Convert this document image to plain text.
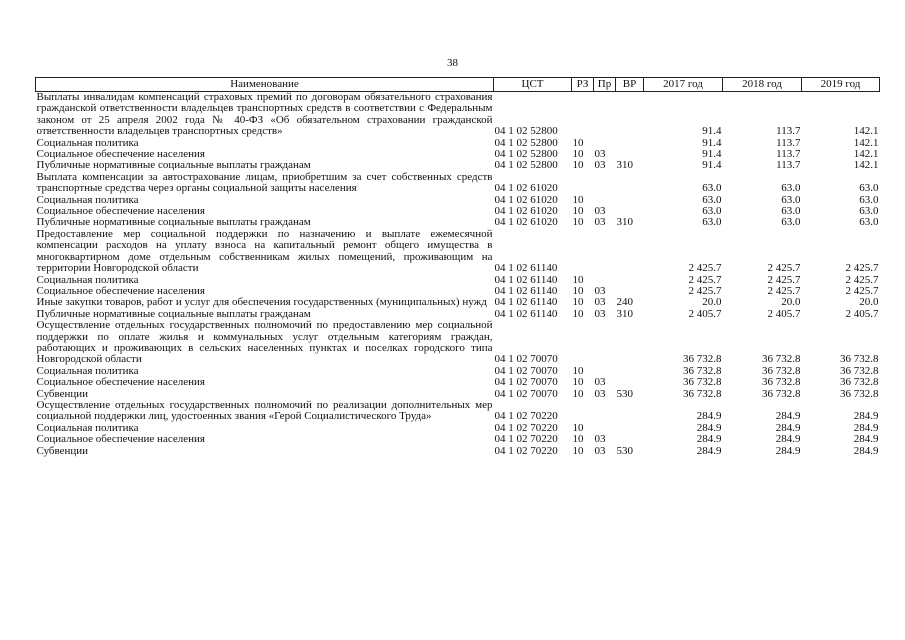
38
Наименование	ЦСТ	РЗ	Пр	ВР	2017 год	2018 год	2019 год
Выплаты инвалидам компенсаций страховых премий по договорам обязательного страхования гражданской ответственности владельцев транспортных средств в соответствии с Федеральным законом от 25 апреля 2002 года № 40-ФЗ «Об обязательном страховании гражданской ответственности владельцев транспортных средств»	04 1 02 52800				91.4	113.7	142.1
Социальная политика	04 1 02 52800	10			91.4	113.7	142.1
Социальное обеспечение населения	04 1 02 52800	10	03		91.4	113.7	142.1
Публичные нормативные социальные выплаты гражданам	04 1 02 52800	10	03	310	91.4	113.7	142.1
Выплата компенсации за автострахование лицам, приобретшим за счет собственных средств транспортные средства через органы социальной защиты населения	04 1 02 61020				63.0	63.0	63.0
Социальная политика	04 1 02 61020	10			63.0	63.0	63.0
Социальное обеспечение населения	04 1 02 61020	10	03		63.0	63.0	63.0
Публичные нормативные социальные выплаты гражданам	04 1 02 61020	10	03	310	63.0	63.0	63.0
Предоставление мер социальной поддержки по назначению и выплате ежемесячной компенсации расходов на уплату взноса на капитальный ремонт общего имущества в многоквартирном доме отдельным собственникам жилых помещений, проживающим на территории Новгородской области	04 1 02 61140				2 425.7	2 425.7	2 425.7
Социальная политика	04 1 02 61140	10			2 425.7	2 425.7	2 425.7
Социальное обеспечение населения	04 1 02 61140	10	03		2 425.7	2 425.7	2 425.7
Иные закупки товаров, работ и услуг для обеспечения государственных (муниципальных) нужд	04 1 02 61140	10	03	240	20.0	20.0	20.0
Публичные нормативные социальные выплаты гражданам	04 1 02 61140	10	03	310	2 405.7	2 405.7	2 405.7
Осуществление отдельных государственных полномочий по предоставлению мер социальной поддержки по оплате жилья и коммунальных услуг отдельным категориям граждан, работающих и проживающих в сельских населенных пунктах и поселках городского типа Новгородской области	04 1 02 70070				36 732.8	36 732.8	36 732.8
Социальная политика	04 1 02 70070	10			36 732.8	36 732.8	36 732.8
Социальное обеспечение населения	04 1 02 70070	10	03		36 732.8	36 732.8	36 732.8
Субвенции	04 1 02 70070	10	03	530	36 732.8	36 732.8	36 732.8
Осуществление отдельных государственных полномочий по реализации дополнительных мер социальной поддержки лиц, удостоенных звания «Герой Социалистического Труда»	04 1 02 70220				284.9	284.9	284.9
Социальная политика	04 1 02 70220	10			284.9	284.9	284.9
Социальное обеспечение населения	04 1 02 70220	10	03		284.9	284.9	284.9
Субвенции	04 1 02 70220	10	03	530	284.9	284.9	284.9
